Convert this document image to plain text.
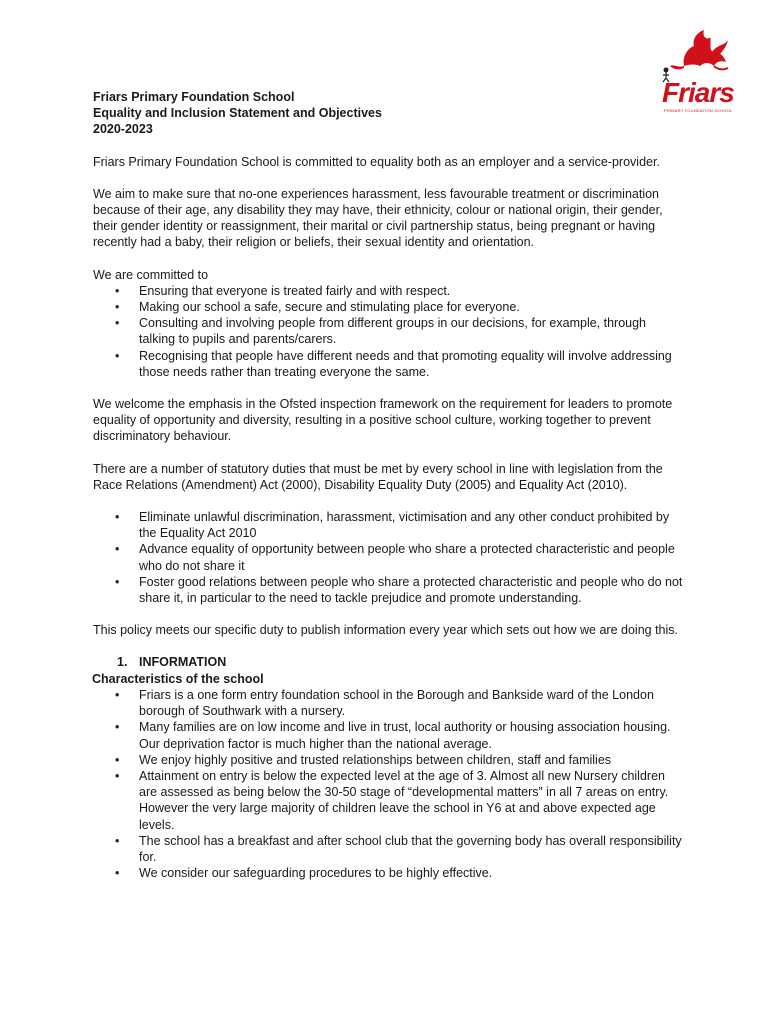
Friars
PRIMARY FOUNDATION SCHOOL
Friars Primary Foundation School
Equality and Inclusion Statement and Objectives
2020-2023

Friars Primary Foundation School is committed to equality both as an employer and a service-provider.

We aim to make sure that no-one experiences harassment, less favourable treatment or discrimination because of their age, any disability they may have, their ethnicity, colour or national origin, their gender, their gender identity or reassignment, their marital or civil partnership status, being pregnant or having recently had a baby, their religion or beliefs, their sexual identity and orientation.

We are committed to

• Ensuring that everyone is treated fairly and with respect.
• Making our school a safe, secure and stimulating place for everyone.
• Consulting and involving people from different groups in our decisions, for example, through talking to pupils and parents/carers.
• Recognising that people have different needs and that promoting equality will involve addressing those needs rather than treating everyone the same.

We welcome the emphasis in the Ofsted inspection framework on the requirement for leaders to promote equality of opportunity and diversity, resulting in a positive school culture, working together to prevent discriminatory behaviour.

There are a number of statutory duties that must be met by every school in line with legislation from the Race Relations (Amendment) Act (2000), Disability Equality Duty (2005) and Equality Act (2010).

• Eliminate unlawful discrimination, harassment, victimisation and any other conduct prohibited by the Equality Act 2010
• Advance equality of opportunity between people who share a protected characteristic and people who do not share it
• Foster good relations between people who share a protected characteristic and people who do not share it, in particular to the need to tackle prejudice and promote understanding.

This policy meets our specific duty to publish information every year which sets out how we are doing this.

1. INFORMATION
Characteristics of the school
• Friars is a one form entry foundation school in the Borough and Bankside ward of the London borough of Southwark with a nursery.
• Many families are on low income and live in trust, local authority or housing association housing. Our deprivation factor is much higher than the national average.
• We enjoy highly positive and trusted relationships between children, staff and families
• Attainment on entry is below the expected level at the age of 3. Almost all new Nursery children are assessed as being below the 30-50 stage of “developmental matters” in all 7 areas on entry. However the very large majority of children leave the school in Y6 at and above expected age levels.
• The school has a breakfast and after school club that the governing body has overall responsibility for.
• We consider our safeguarding procedures to be highly effective.
